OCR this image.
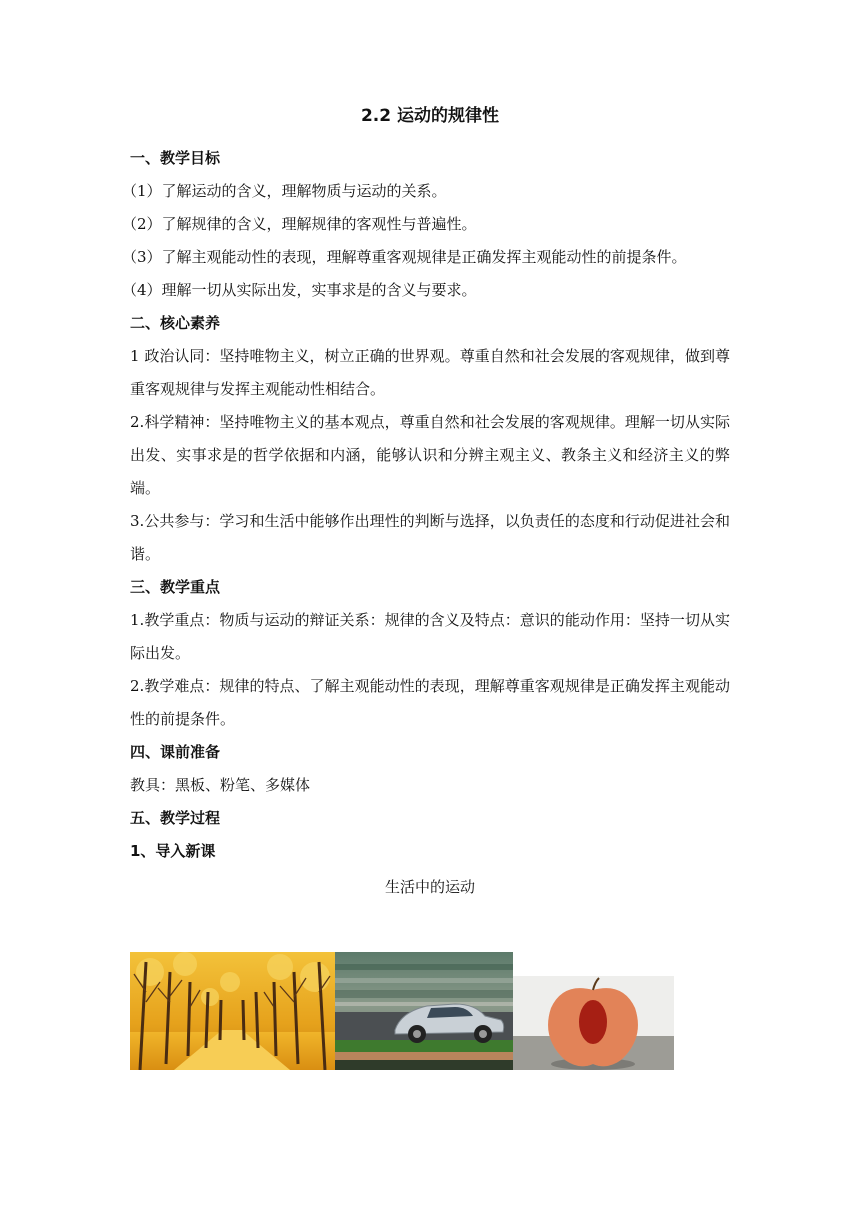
2.2 运动的规律性
一、教学目标
（1）了解运动的含义，理解物质与运动的关系。
（2）了解规律的含义，理解规律的客观性与普遍性。
（3）了解主观能动性的表现，理解尊重客观规律是正确发挥主观能动性的前提条件。
（4）理解一切从实际出发，实事求是的含义与要求。
二、核心素养
1 政治认同：坚持唯物主义，树立正确的世界观。尊重自然和社会发展的客观规律，做到尊重客观规律与发挥主观能动性相结合。
2.科学精神：坚持唯物主义的基本观点，尊重自然和社会发展的客观规律。理解一切从实际出发、实事求是的哲学依据和内涵，能够认识和分辨主观主义、教条主义和经济主义的弊端。
3.公共参与：学习和生活中能够作出理性的判断与选择，以负责任的态度和行动促进社会和谐。
三、教学重点
1.教学重点：物质与运动的辩证关系：规律的含义及特点：意识的能动作用：坚持一切从实际出发。
2.教学难点：规律的特点、了解主观能动性的表现，理解尊重客观规律是正确发挥主观能动性的前提条件。
四、课前准备
教具：黑板、粉笔、多媒体
五、教学过程
1、导入新课
生活中的运动
